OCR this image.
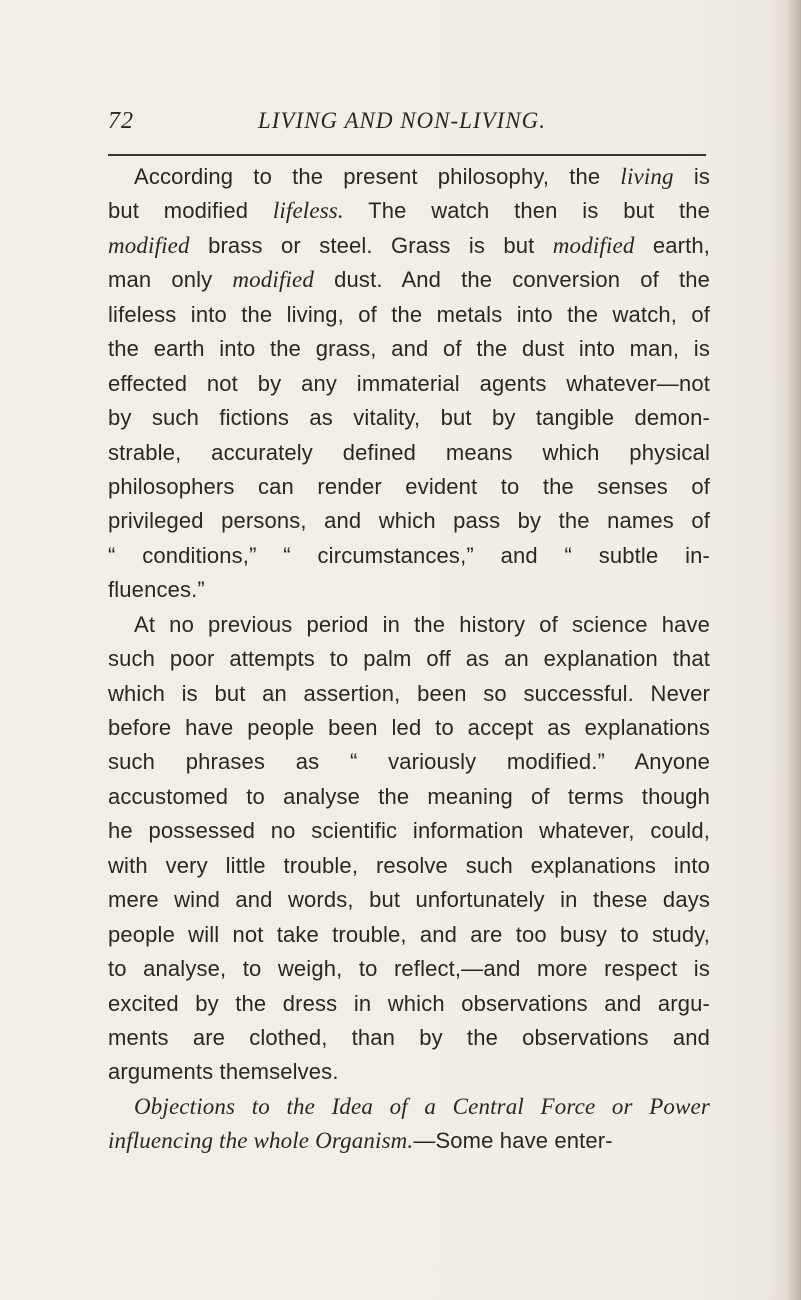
72	LIVING AND NON-LIVING.
According to the present philosophy, the living is
but modified lifeless. The watch then is but the
modified brass or steel. Grass is but modified earth,
man only modified dust. And the conversion of the
lifeless into the living, of the metals into the watch, of
the earth into the grass, and of the dust into man, is
effected not by any immaterial agents whatever—not
by such fictions as vitality, but by tangible demon-
strable, accurately defined means which physical
philosophers can render evident to the senses of
privileged persons, and which pass by the names of
“ conditions,” “ circumstances,” and “ subtle in-
fluences.”
At no previous period in the history of science have
such poor attempts to palm off as an explanation that
which is but an assertion, been so successful. Never
before have people been led to accept as explanations
such phrases as “ variously modified.” Anyone
accustomed to analyse the meaning of terms though
he possessed no scientific information whatever, could,
with very little trouble, resolve such explanations into
mere wind and words, but unfortunately in these days
people will not take trouble, and are too busy to study,
to analyse, to weigh, to reflect,—and more respect is
excited by the dress in which observations and argu-
ments are clothed, than by the observations and
arguments themselves.
Objections to the Idea of a Central Force or Power
influencing the whole Organism.—Some have enter-
